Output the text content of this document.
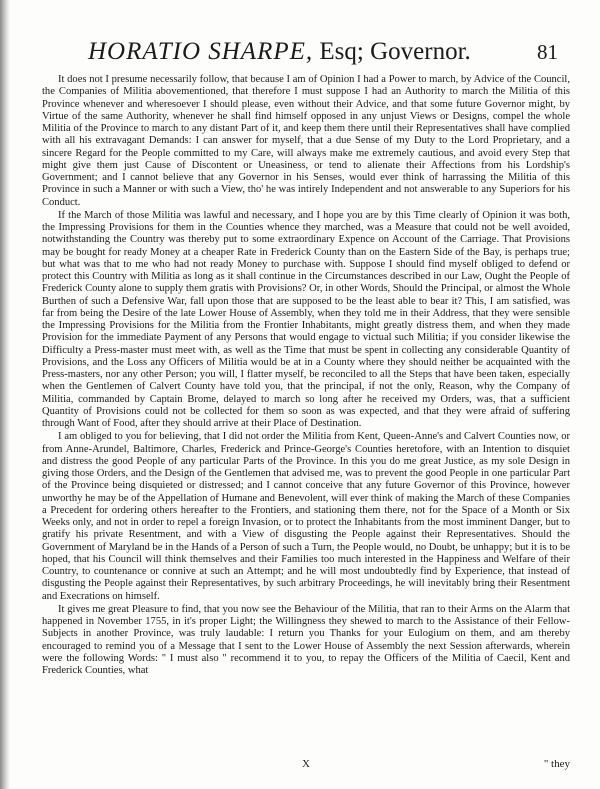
HORATIO SHARPE, Esq; Governor.	81

It does not I presume necessarily follow, that because I am of Opinion I had a Power to march, by Advice of the Council, the Companies of Militia abovementioned, that therefore I must suppose I had an Authority to march the Militia of this Province whenever and wheresoever I should please, even without their Advice, and that some future Governor might, by Virtue of the same Authority, whenever he shall find himself opposed in any unjust Views or Designs, compel the whole Militia of the Province to march to any distant Part of it, and keep them there until their Representatives shall have complied with all his extravagant Demands: I can answer for myself, that a due Sense of my Duty to the Lord Proprietary, and a sincere Regard for the People committed to my Care, will always make me extremely cautious, and avoid every Step that might give them just Cause of Discontent or Uneasiness, or tend to alienate their Affections from his Lordship's Government; and I cannot believe that any Governor in his Senses, would ever think of harrassing the Militia of this Province in such a Manner or with such a View, tho' he was intirely Independent and not answerable to any Superiors for his Conduct.

If the March of those Militia was lawful and necessary, and I hope you are by this Time clearly of Opinion it was both, the Impressing Provisions for them in the Counties whence they marched, was a Measure that could not be well avoided, notwithstanding the Country was thereby put to some extraordinary Expence on Account of the Carriage. That Provisions may be bought for ready Money at a cheaper Rate in Frederick County than on the Eastern Side of the Bay, is perhaps true; but what was that to me who had not ready Money to purchase with. Suppose I should find myself obliged to defend or protect this Country with Militia as long as it shall continue in the Circumstances described in our Law, Ought the People of Frederick County alone to supply them gratis with Provisions? Or, in other Words, Should the Principal, or almost the Whole Burthen of such a Defensive War, fall upon those that are supposed to be the least able to bear it? This, I am satisfied, was far from being the Desire of the late Lower House of Assembly, when they told me in their Address, that they were sensible the Impressing Provisions for the Militia from the Frontier Inhabitants, might greatly distress them, and when they made Provision for the immediate Payment of any Persons that would engage to victual such Militia; if you consider likewise the Difficulty a Press-master must meet with, as well as the Time that must be spent in collecting any considerable Quantity of Provisions, and the Loss any Officers of Militia would be at in a County where they should neither be acquainted with the Press-masters, nor any other Person; you will, I flatter myself, be reconciled to all the Steps that have been taken, especially when the Gentlemen of Calvert County have told you, that the principal, if not the only, Reason, why the Company of Militia, commanded by Captain Brome, delayed to march so long after he received my Orders, was, that a sufficient Quantity of Provisions could not be collected for them so soon as was expected, and that they were afraid of suffering through Want of Food, after they should arrive at their Place of Destination.

I am obliged to you for believing, that I did not order the Militia from Kent, Queen-Anne's and Calvert Counties now, or from Anne-Arundel, Baltimore, Charles, Frederick and Prince-George's Counties heretofore, with an Intention to disquiet and distress the good People of any particular Parts of the Province. In this you do me great Justice, as my sole Design in giving those Orders, and the Design of the Gentlemen that advised me, was to prevent the good People in one particular Part of the Province being disquieted or distressed; and I cannot conceive that any future Governor of this Province, however unworthy he may be of the Appellation of Humane and Benevolent, will ever think of making the March of these Companies a Precedent for ordering others hereafter to the Frontiers, and stationing them there, not for the Space of a Month or Six Weeks only, and not in order to repel a foreign Invasion, or to protect the Inhabitants from the most imminent Danger, but to gratify his private Resentment, and with a View of disgusting the People against their Representatives. Should the Government of Maryland be in the Hands of a Person of such a Turn, the People would, no Doubt, be unhappy; but it is to be hoped, that his Council will think themselves and their Families too much interested in the Happiness and Welfare of their Country, to countenance or connive at such an Attempt; and he will most undoubtedly find by Experience, that instead of disgusting the People against their Representatives, by such arbitrary Proceedings, he will inevitably bring their Resentment and Execrations on himself.

It gives me great Pleasure to find, that you now see the Behaviour of the Militia, that ran to their Arms on the Alarm that happened in November 1755, in it's proper Light; the Willingness they shewed to march to the Assistance of their Fellow-Subjects in another Province, was truly laudable: I return you Thanks for your Eulogium on them, and am thereby encouraged to remind you of a Message that I sent to the Lower House of Assembly the next Session afterwards, wherein were the following Words: " I must also " recommend it to you, to repay the Officers of the Militia of Caecil, Kent and Frederick Counties, what

X	" they
